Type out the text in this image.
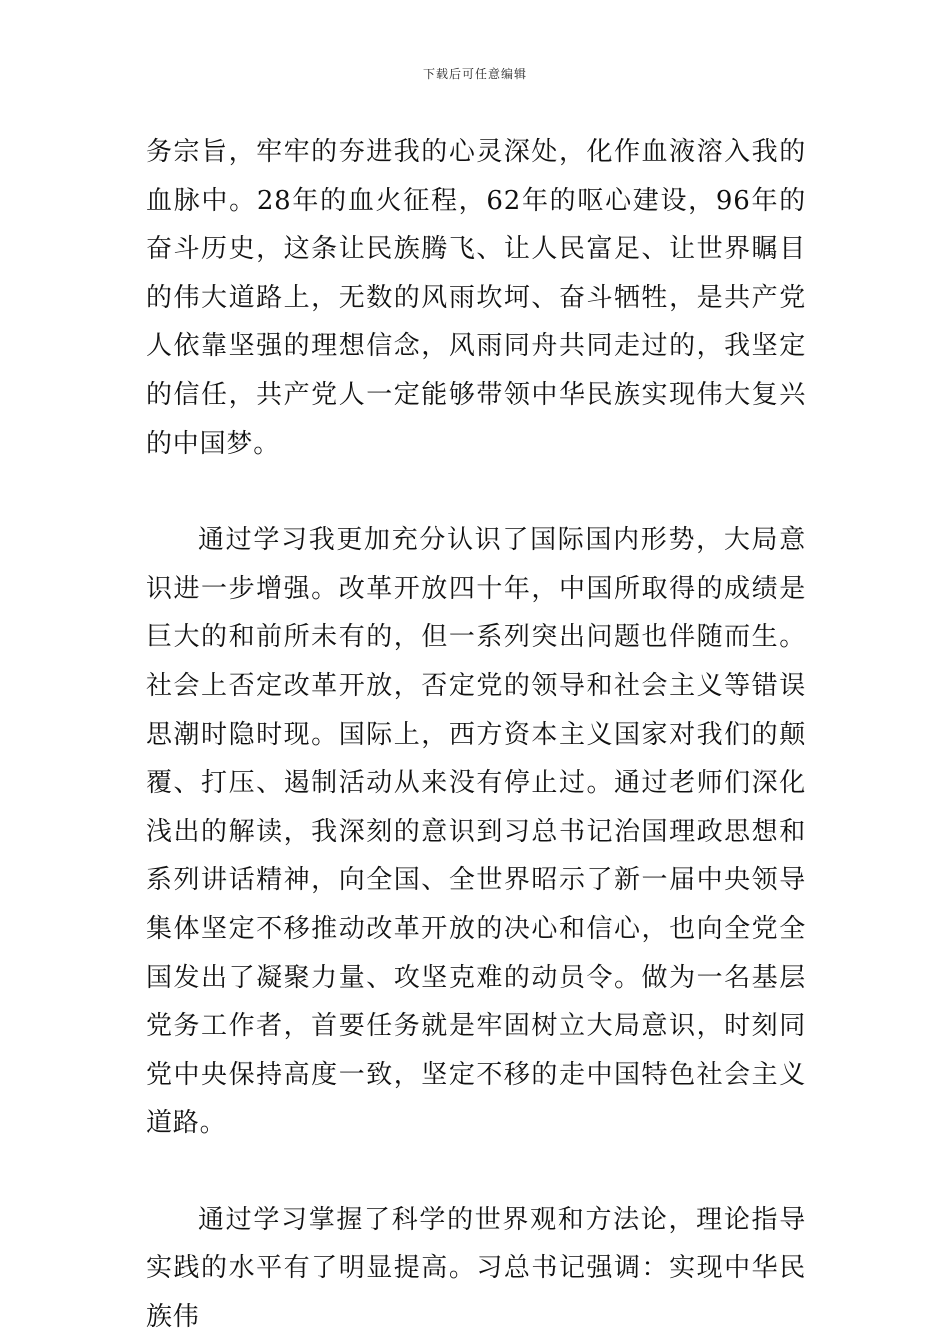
下载后可任意编辑

务宗旨，牢牢的夯进我的心灵深处，化作血液溶入我的血脉中。28年的血火征程，62年的呕心建设，96年的奋斗历史，这条让民族腾飞、让人民富足、让世界瞩目的伟大道路上，无数的风雨坎坷、奋斗牺牲，是共产党人依靠坚强的理想信念，风雨同舟共同走过的，我坚定的信任，共产党人一定能够带领中华民族实现伟大复兴的中国梦。

通过学习我更加充分认识了国际国内形势，大局意识进一步增强。改革开放四十年，中国所取得的成绩是巨大的和前所未有的，但一系列突出问题也伴随而生。社会上否定改革开放，否定党的领导和社会主义等错误思潮时隐时现。国际上，西方资本主义国家对我们的颠覆、打压、遏制活动从来没有停止过。通过老师们深化浅出的解读，我深刻的意识到习总书记治国理政思想和系列讲话精神，向全国、全世界昭示了新一届中央领导集体坚定不移推动改革开放的决心和信心，也向全党全国发出了凝聚力量、攻坚克难的动员令。做为一名基层党务工作者，首要任务就是牢固树立大局意识，时刻同党中央保持高度一致，坚定不移的走中国特色社会主义道路。

通过学习掌握了科学的世界观和方法论，理论指导实践的水平有了明显提高。习总书记强调：实现中华民族伟
